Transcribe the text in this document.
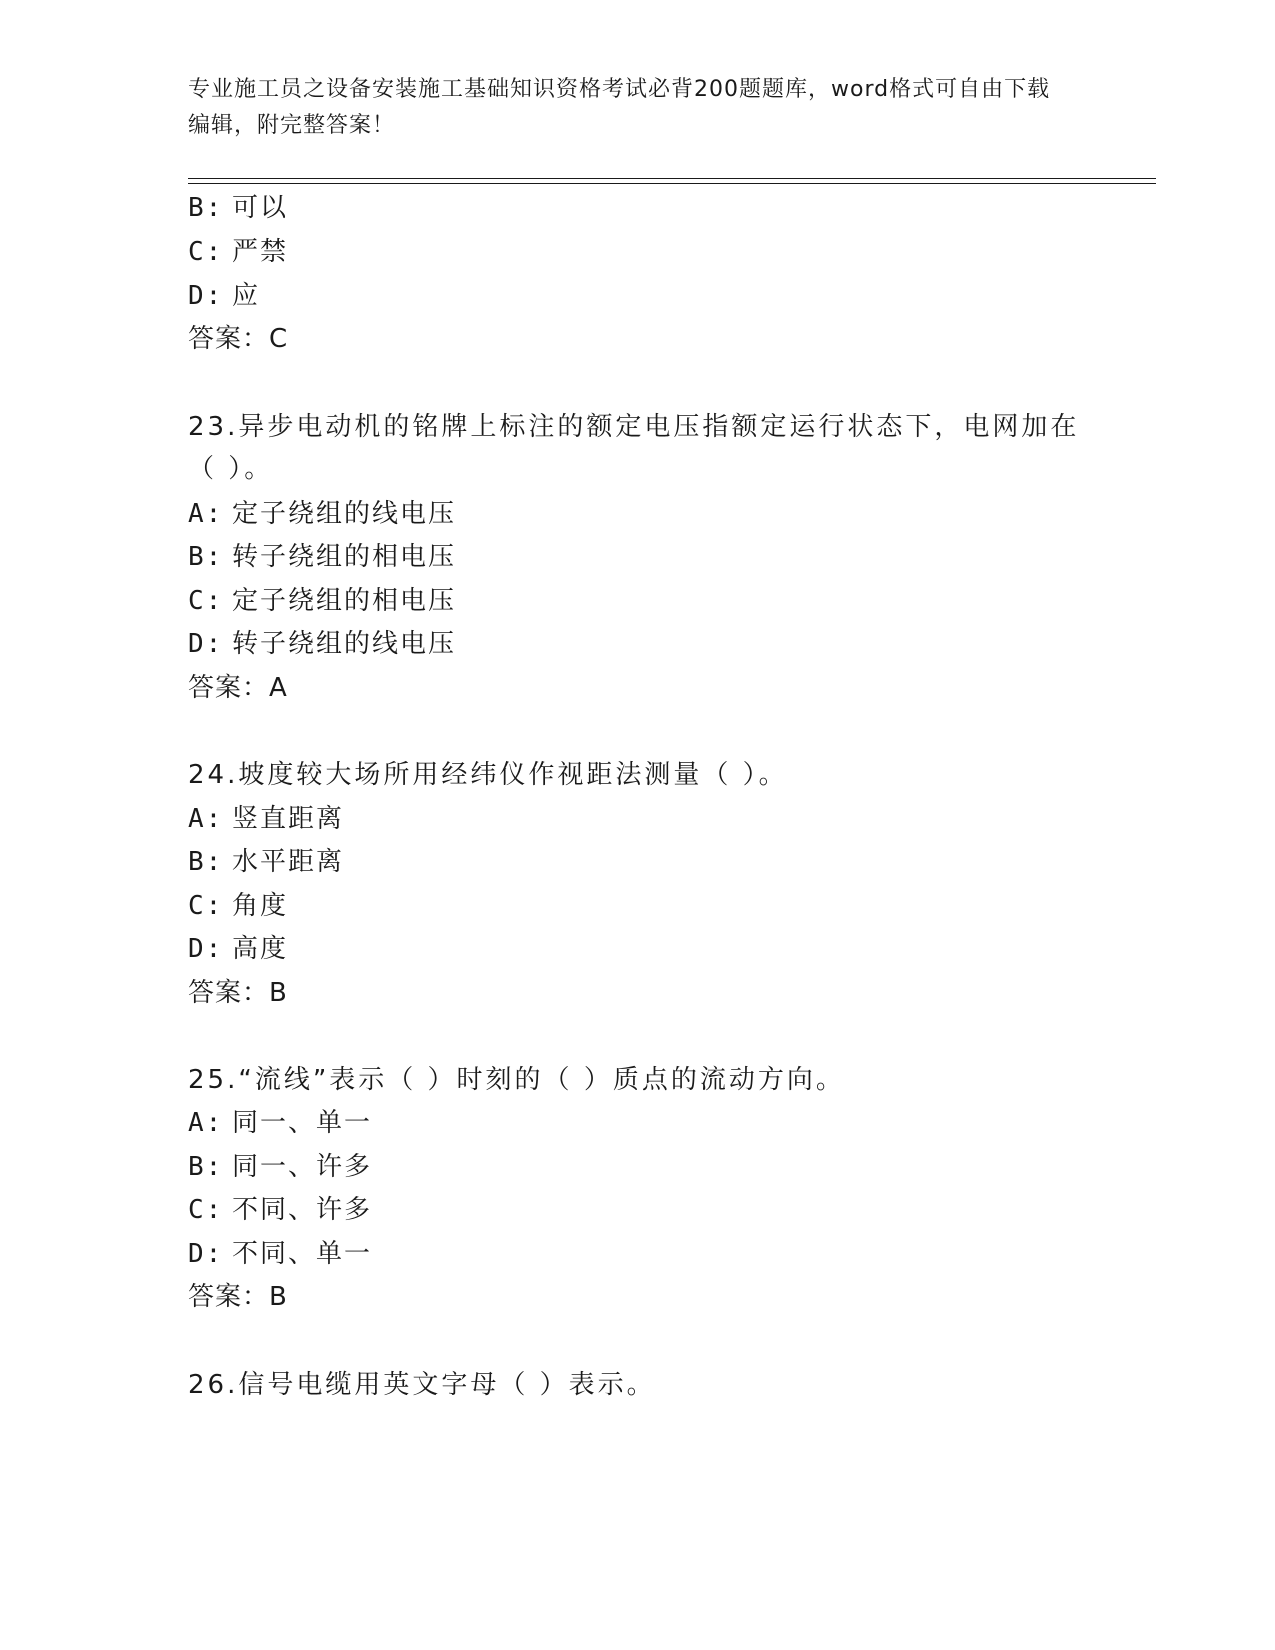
专业施工员之设备安装施工基础知识资格考试必背200题题库，word格式可自由下载编辑，附完整答案！
B: 可以
C: 严禁
D: 应
答案：C
23.异步电动机的铭牌上标注的额定电压指额定运行状态下，电网加在
（ ）。
A: 定子绕组的线电压
B: 转子绕组的相电压
C: 定子绕组的相电压
D: 转子绕组的线电压
答案：A
24.坡度较大场所用经纬仪作视距法测量（ ）。
A: 竖直距离
B: 水平距离
C: 角度
D: 高度
答案：B
25.“流线”表示（ ）时刻的（ ）质点的流动方向。
A: 同一、单一
B: 同一、许多
C: 不同、许多
D: 不同、单一
答案：B
26.信号电缆用英文字母（ ）表示。
